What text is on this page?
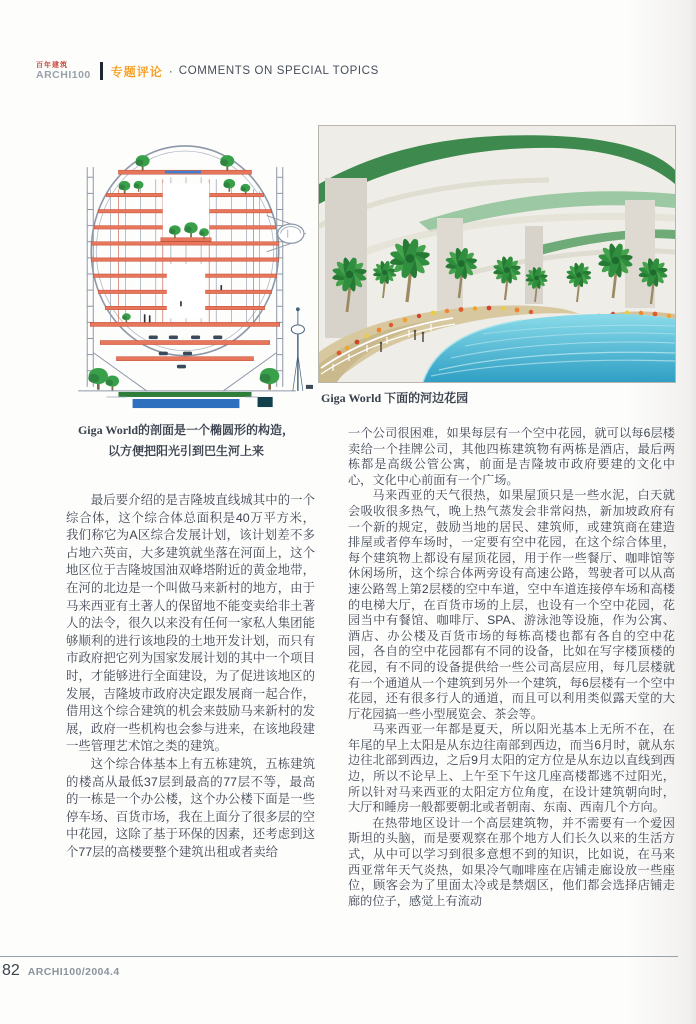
百年建筑
ARCHI100 专题评论 · COMMENTS ON SPECIAL TOPICS
Giga World的剖面是一个椭圆形的构造，
以方便把阳光引到巴生河上来
Giga World 下面的河边花园

最后要介绍的是吉隆坡直线城其中的一个综合体，这个综合体总面积是40万平方米，我们称它为A区综合发展计划，该计划差不多占地六英亩，大多建筑就坐落在河面上，这个地区位于吉隆坡国油双峰塔附近的黄金地带，在河的北边是一个叫做马来新村的地方，由于马来西亚有土著人的保留地不能变卖给非土著人的法令，很久以来没有任何一家私人集团能够顺利的进行该地段的土地开发计划，而只有市政府把它列为国家发展计划的其中一个项目时，才能够进行全面建设，为了促进该地区的发展，吉隆坡市政府决定跟发展商一起合作，借用这个综合建筑的机会来鼓励马来新村的发展，政府一些机构也会参与进来，在该地段建一些管理艺术馆之类的建筑。

这个综合体基本上有五栋建筑，五栋建筑的楼高从最低37层到最高的77层不等，最高的一栋是一个办公楼，这个办公楼下面是一些停车场、百货市场，我在上面分了很多层的空中花园，这除了基于环保的因素，还考虑到这个77层的高楼要整个建筑出租或者卖给

一个公司很困难，如果每层有一个空中花园，就可以每6层楼卖给一个挂牌公司，其他四栋建筑物有两栋是酒店，最后两栋都是高级公管公寓，前面是吉隆坡市政府要建的文化中心，文化中心前面有一个广场。

马来西亚的天气很热，如果屋顶只是一些水泥，白天就会吸收很多热气，晚上热气蒸发会非常闷热，新加坡政府有一个新的规定，鼓励当地的居民、建筑师，或建筑商在建造排屋或者停车场时，一定要有空中花园，在这个综合体里，每个建筑物上都设有屋顶花园，用于作一些餐厅、咖啡馆等休闲场所，这个综合体两旁设有高速公路，驾驶者可以从高速公路驾上第2层楼的空中车道，空中车道连接停车场和高楼的电梯大厅，在百货市场的上层，也设有一个空中花园，花园当中有餐馆、咖啡厅、SPA、游泳池等设施，作为公寓、酒店、办公楼及百货市场的每栋高楼也都有各自的空中花园，各自的空中花园都有不同的设备，比如在写字楼顶楼的花园，有不同的设备提供给一些公司高层应用，每几层楼就有一个通道从一个建筑到另外一个建筑，每6层楼有一个空中花园，还有很多行人的通道，而且可以利用类似露天堂的大厅花园搞一些小型展览会、茶会等。

马来西亚一年都是夏天，所以阳光基本上无所不在，在年尾的早上太阳是从东边往南部到西边，而当6月时，就从东边往北部到西边，之后9月太阳的定方位是从东边以直线到西边，所以不论早上、上午至下午这几座高楼都逃不过阳光，所以针对马来西亚的太阳定方位角度，在设计建筑朝向时，大厅和睡房一般都要朝北或者朝南、东南、西南几个方向。

在热带地区设计一个高层建筑物，并不需要有一个爱因斯坦的头脑，而是要观察在那个地方人们长久以来的生活方式，从中可以学习到很多意想不到的知识，比如说，在马来西亚常年天气炎热，如果冷气咖啡座在店铺走廊设放一些座位，顾客会为了里面太冷或是禁烟区，他们都会选择店铺走廊的位子，感觉上有流动

82 ARCHI100/2004.4
